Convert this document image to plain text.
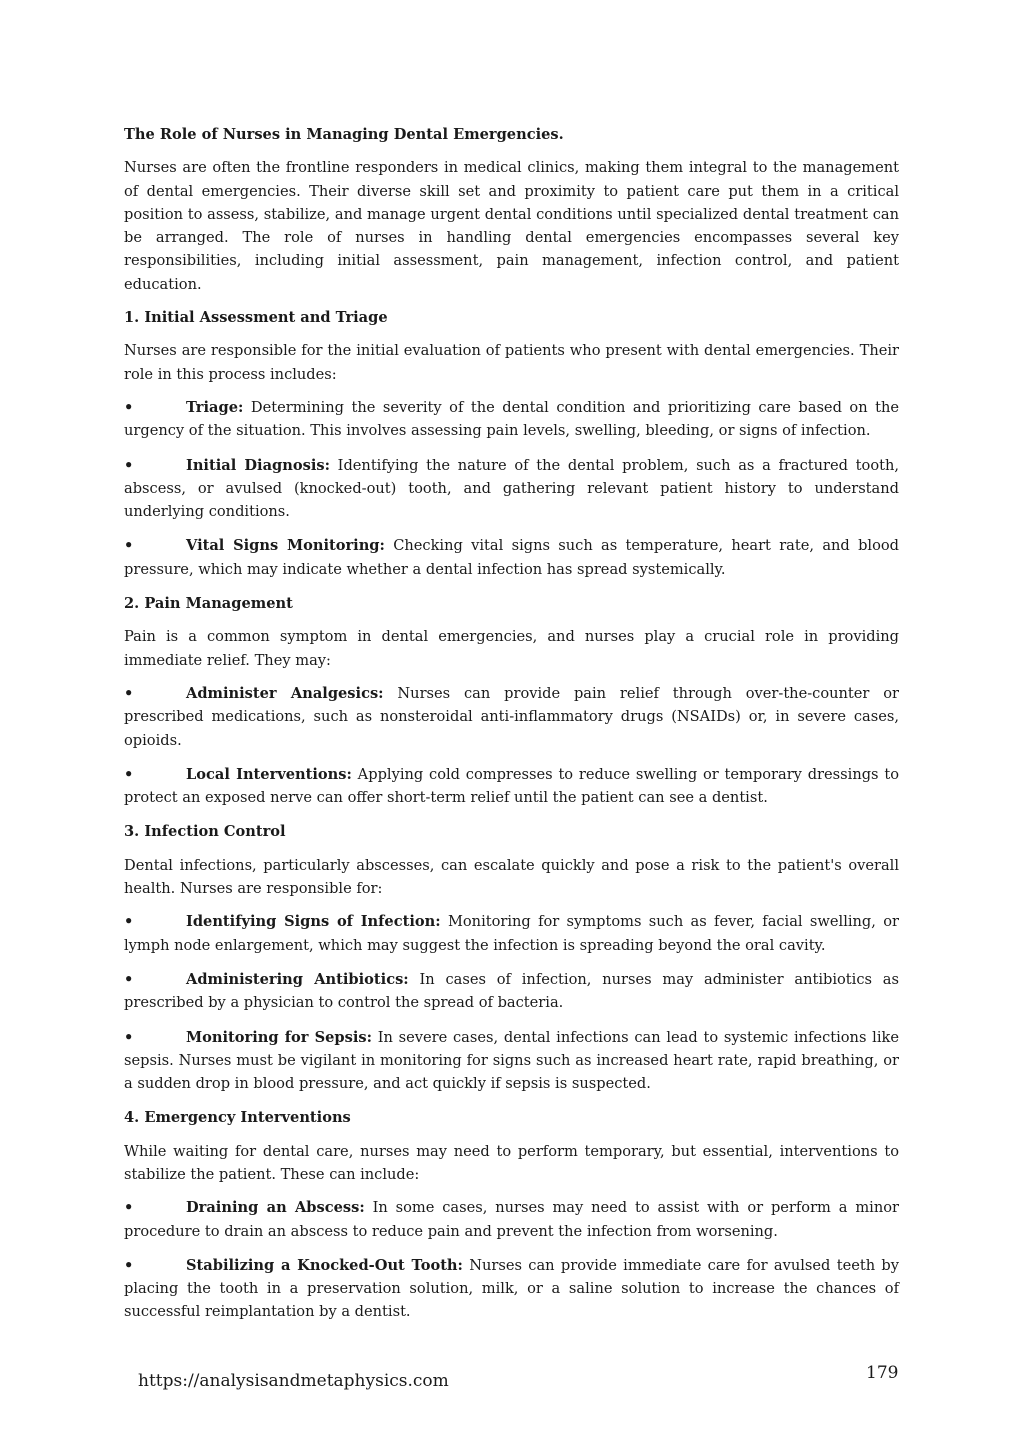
The Role of Nurses in Managing Dental Emergencies.

Nurses are often the frontline responders in medical clinics, making them integral to the management of dental emergencies. Their diverse skill set and proximity to patient care put them in a critical position to assess, stabilize, and manage urgent dental conditions until specialized dental treatment can be arranged. The role of nurses in handling dental emergencies encompasses several key responsibilities, including initial assessment, pain management, infection control, and patient education.

1. Initial Assessment and Triage

Nurses are responsible for the initial evaluation of patients who present with dental emergencies. Their role in this process includes:

•	Triage: Determining the severity of the dental condition and prioritizing care based on the urgency of the situation. This involves assessing pain levels, swelling, bleeding, or signs of infection.
•	Initial Diagnosis: Identifying the nature of the dental problem, such as a fractured tooth, abscess, or avulsed (knocked-out) tooth, and gathering relevant patient history to understand underlying conditions.
•	Vital Signs Monitoring: Checking vital signs such as temperature, heart rate, and blood pressure, which may indicate whether a dental infection has spread systemically.
2. Pain Management

Pain is a common symptom in dental emergencies, and nurses play a crucial role in providing immediate relief. They may:

•	Administer Analgesics: Nurses can provide pain relief through over-the-counter or prescribed medications, such as nonsteroidal anti-inflammatory drugs (NSAIDs) or, in severe cases, opioids.
•	Local Interventions: Applying cold compresses to reduce swelling or temporary dressings to protect an exposed nerve can offer short-term relief until the patient can see a dentist.
3. Infection Control

Dental infections, particularly abscesses, can escalate quickly and pose a risk to the patient's overall health. Nurses are responsible for:

•	Identifying Signs of Infection: Monitoring for symptoms such as fever, facial swelling, or lymph node enlargement, which may suggest the infection is spreading beyond the oral cavity.
•	Administering Antibiotics: In cases of infection, nurses may administer antibiotics as prescribed by a physician to control the spread of bacteria.
•	Monitoring for Sepsis: In severe cases, dental infections can lead to systemic infections like sepsis. Nurses must be vigilant in monitoring for signs such as increased heart rate, rapid breathing, or a sudden drop in blood pressure, and act quickly if sepsis is suspected.
4. Emergency Interventions

While waiting for dental care, nurses may need to perform temporary, but essential, interventions to stabilize the patient. These can include:

•	Draining an Abscess: In some cases, nurses may need to assist with or perform a minor procedure to drain an abscess to reduce pain and prevent the infection from worsening.
•	Stabilizing a Knocked-Out Tooth: Nurses can provide immediate care for avulsed teeth by placing the tooth in a preservation solution, milk, or a saline solution to increase the chances of successful reimplantation by a dentist.
https://analysisandmetaphysics.com	179
